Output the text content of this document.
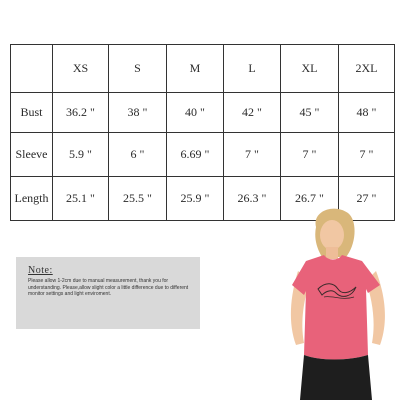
	XS	S	M	L	XL	2XL
Bust	36.2 "	38 "	40 "	42 "	45 "	48 "
Sleeve	5.9 "	6 "	6.69 "	7 "	7 "	7 "
Length	25.1 "	25.5 "	25.9 "	26.3 "	26.7 "	27 "
Note:

Please allow 1-2cm due to manual measurement, thank you for understanding. Please,allow slight color a little difference due to different monitor settings and light enviroment.
